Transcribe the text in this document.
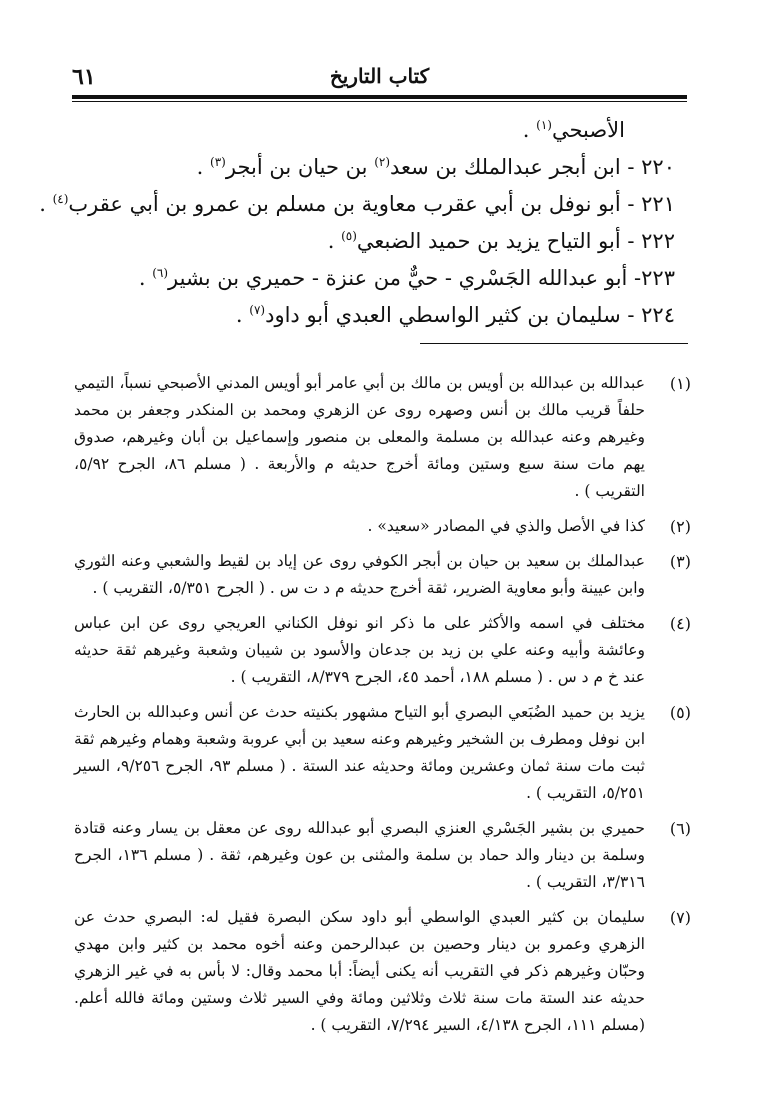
٦١	كتاب التاريخ
الأصبحي$^{(١)}$ .
٢٢٠ - ابن أبجر عبدالملك بن سعد$^{(٢)}$ بن حيان بن أبجر$^{(٣)}$ .
٢٢١ - أبو نوفل بن أبي عقرب معاوية بن مسلم بن عمرو بن أبي عقرب$^{(٤)}$ .
٢٢٢ - أبو التياح يزيد بن حميد الضبعي$^{(٥)}$ .
٢٢٣- أبو عبدالله الجَسْري - حيٌّ من عنزة - حميري بن بشير$^{(٦)}$ .
٢٢٤ - سليمان بن كثير الواسطي العبدي أبو داود$^{(٧)}$ .
(١)
عبدالله بن عبدالله بن أويس بن مالك بن أبي عامر أبو أويس المدني الأصبحي نسباً، التيمي حلفاً قريب مالك بن أنس وصهره روى عن الزهري ومحمد بن المنكدر وجعفر بن محمد وغيرهم وعنه عبدالله بن مسلمة والمعلى بن منصور وإسماعيل بن أبان وغيرهم، صدوق يهم مات سنة سبع وستين ومائة أخرج حديثه م والأربعة . ( مسلم ٨٦، الجرح ٥/٩٢، التقريب ) .
(٢)
كذا في الأصل والذي في المصادر «سعيد» .
(٣)
عبدالملك بن سعيد بن حيان بن أبجر الكوفي روى عن إياد بن لقيط والشعبي وعنه الثوري وابن عيينة وأبو معاوية الضرير، ثقة أخرج حديثه م د ت س . ( الجرح ٥/٣٥١، التقريب ) .
(٤)
مختلف في اسمه والأكثر على ما ذكر انو نوفل الكناني العريجي روى عن ابن عباس وعائشة وأبيه وعنه علي بن زيد بن جدعان والأسود بن شيبان وشعبة وغيرهم ثقة حديثه عند خ م د س . ( مسلم ١٨٨، أحمد ٤٥، الجرح ٨/٣٧٩، التقريب ) .
(٥)
يزيد بن حميد الضُبَعي البصري أبو التياح مشهور بكنيته حدث عن أنس وعبدالله بن الحارث ابن نوفل ومطرف بن الشخير وغيرهم وعنه سعيد بن أبي عروبة وشعبة وهمام وغيرهم ثقة ثبت مات سنة ثمان وعشرين ومائة وحديثه عند الستة . ( مسلم ٩٣، الجرح ٩/٢٥٦، السير ٥/٢٥١، التقريب ) .
(٦)
حميري بن بشير الجَسْري العنزي البصري أبو عبدالله روى عن معقل بن يسار وعنه قتادة وسلمة بن دينار والد حماد بن سلمة والمثنى بن عون وغيرهم، ثقة . ( مسلم ١٣٦، الجرح ٣/٣١٦، التقريب ) .
(٧)
سليمان بن كثير العبدي الواسطي أبو داود سكن البصرة فقيل له: البصري حدث عن الزهري وعمرو بن دينار وحصين بن عبدالرحمن وعنه أخوه محمد بن كثير وابن مهدي وحبّان وغيرهم ذكر في التقريب أنه يكنى أيضاً: أبا محمد وقال: لا بأس به في غير الزهري حديثه عند الستة مات سنة ثلاث وثلاثين ومائة وفي السير ثلاث وستين ومائة فالله أعلم. (مسلم ١١١، الجرح ٤/١٣٨، السير ٧/٢٩٤، التقريب ) .
